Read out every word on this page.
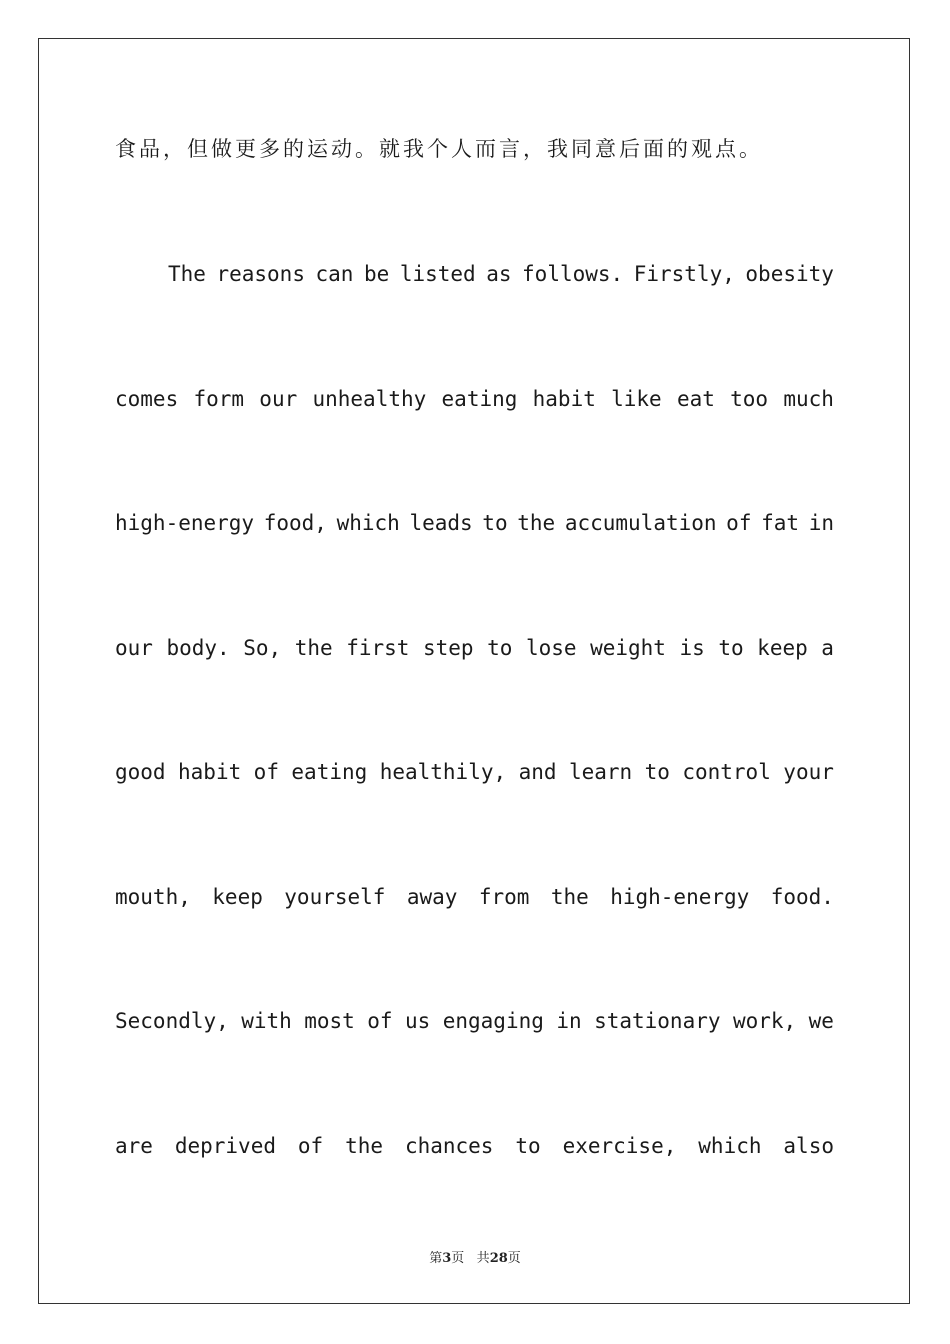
食品，但做更多的运动。就我个人而言，我同意后面的观点。
The reasons can be listed as follows. Firstly, obesity
comes form our unhealthy eating habit like eat too much
high-energy food, which leads to the accumulation of fat in
our body. So, the first step to lose weight is to keep a
good habit of eating healthily, and learn to control your
mouth, keep yourself away from the high-energy food.
Secondly, with most of us engaging in stationary work, we
are deprived of the chances to exercise, which also
第3页 共28页
